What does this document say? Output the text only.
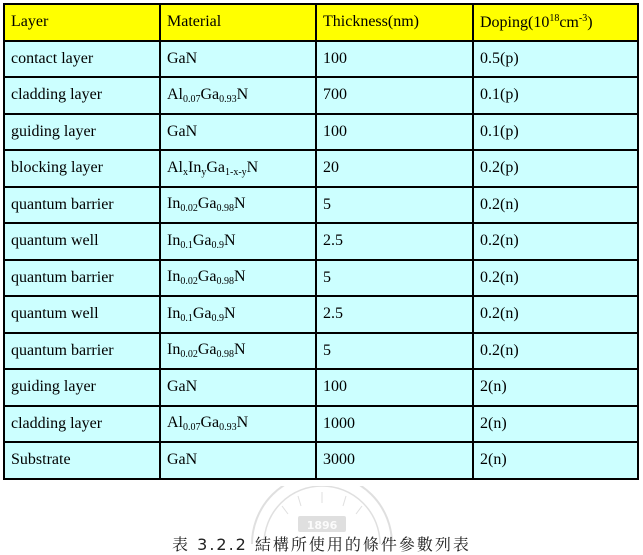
Layer	Material	Thickness(nm)	$Doping(10^{18}cm^{-3})$
contact layer	GaN	100	0.5(p)
cladding layer	$Al_{0.07}Ga_{0.93}N$	700	0.1(p)
guiding layer	GaN	100	0.1(p)
blocking layer	$Al_xIn_yGa_{1-x-y}N$	20	0.2(p)
quantum barrier	$In_{0.02}Ga_{0.98}N$	5	0.2(n)
quantum well	$In_{0.1}Ga_{0.9}N$	2.5	0.2(n)
quantum barrier	$In_{0.02}Ga_{0.98}N$	5	0.2(n)
quantum well	$In_{0.1}Ga_{0.9}N$	2.5	0.2(n)
quantum barrier	$In_{0.02}Ga_{0.98}N$	5	0.2(n)
guiding layer	GaN	100	2(n)
cladding layer	$Al_{0.07}Ga_{0.93}N$	1000	2(n)
Substrate	GaN	3000	2(n)
1896
表 3.2.2 結構所使用的條件參數列表
